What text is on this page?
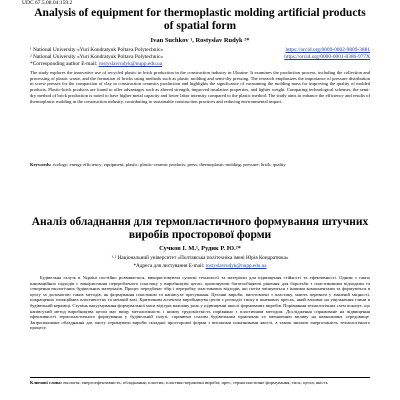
UDC 67.5.08.04:159.2
Analysis of equipment for thermoplastic molding artificial products of spatial form
Ivan Suchkov ¹, Rostyslav Rudyk ²*
¹ National University «Yuri Kondratyuk Poltava Polytechnic»	https://orcid.org/0009-0002-9809-3881
² National University «Yuri Kondratyuk Poltava Polytechnic»	https://orcid.org/0000-0001-8386-977X
*Corresponding author E-mail: rostyslavrudyk@nupp.edu.ua
The study explores the innovative use of recycled plastic in brick production in the construction industry in Ukraine. It examines the production process, including the collection and processing of plastic waste, and the formation of bricks using methods such as plastic molding and semi-dry pressing. The research emphasizes the importance of pressure distribution in screw presses for the compaction of clay in construction ceramics production and highlights the significance of vacuuming the molding mass for improving the quality of molded products. Plastic-brick products are found to offer advantages such as altered strength, improved insulation properties, and lighter weight. Comparing technological schemes, the semi-dry method of brick production is noted to have higher metal capacity and lower labor intensity compared to the plastic method. The study aims to enhance the efficiency and results of thermoplastic molding in the construction industry, contributing to sustainable construction practices and reducing environmental impact.
Keywords: ecology; energy efficiency; equipment; plastic; plastic-ceramic products; press; thermoplastic molding; pressure; brick; quality
Аналіз обладнання для термопластичного формування штучних виробів просторової форми
Сучков І. М.¹, Рудик Р. Ю.²*
¹·² Національний університет «Полтавська політехніка імені Юрія Кондратюка»
*Адреса для листування E-mail: rostyslavrudyk@nupp.edu.ua
Будівельна галузь в Україні постійно розвивається, використовуючи сучасні технології та матеріали для підвищення стійкості та ефективності. Одним з таких інноваційних підходів є використання переробленого пластику у виробництві цегли, пропонуючи багатообіцяючі рішення для боротьби з пластиковими відходами та створення екологічних будівельних матеріалів. Процес передбачає збір і переробку пластикових відходів, які потім змішуються з іншими компонентами та формуються в цеглу за допомогою таких методів, як формування пластиком та напівсухе пресування. Цегляні вироби, виготовлені з пластику, мають переваги у зміненій міцності, покращених ізоляційних властивостях та меншій вазі. Критичним аспектом виробництва цегли є розподіл тиску в шнекових пресах, який впливає на ущільнення глини в будівельній кераміці. Ступінь вакуумування формувальної маси відіграє важливу роль у підвищенні якості формованих виробів. Порівняння технологічних схем показує, що напівсухий метод виробництва цегли має вищу металоємність і нижчу трудомісткість порівняно з пластичним методом. Дослідження спрямоване на підвищення ефективності термопластичного формування у будівельній галузі, сприяючи сталим будівельним практикам та зменшенню впливу на навколишнє середовище. Запропоноване обладнання дає змогу отримувати вироби складної просторової форми з високими показниками якості, а також знизити енергоємність технологічного процесу.
Ключові слова: екологія; енергоефективність; обладнання; пластик; пластико-керамічні вироби; прес; термопластичне формування; тиск; цегла; якість
